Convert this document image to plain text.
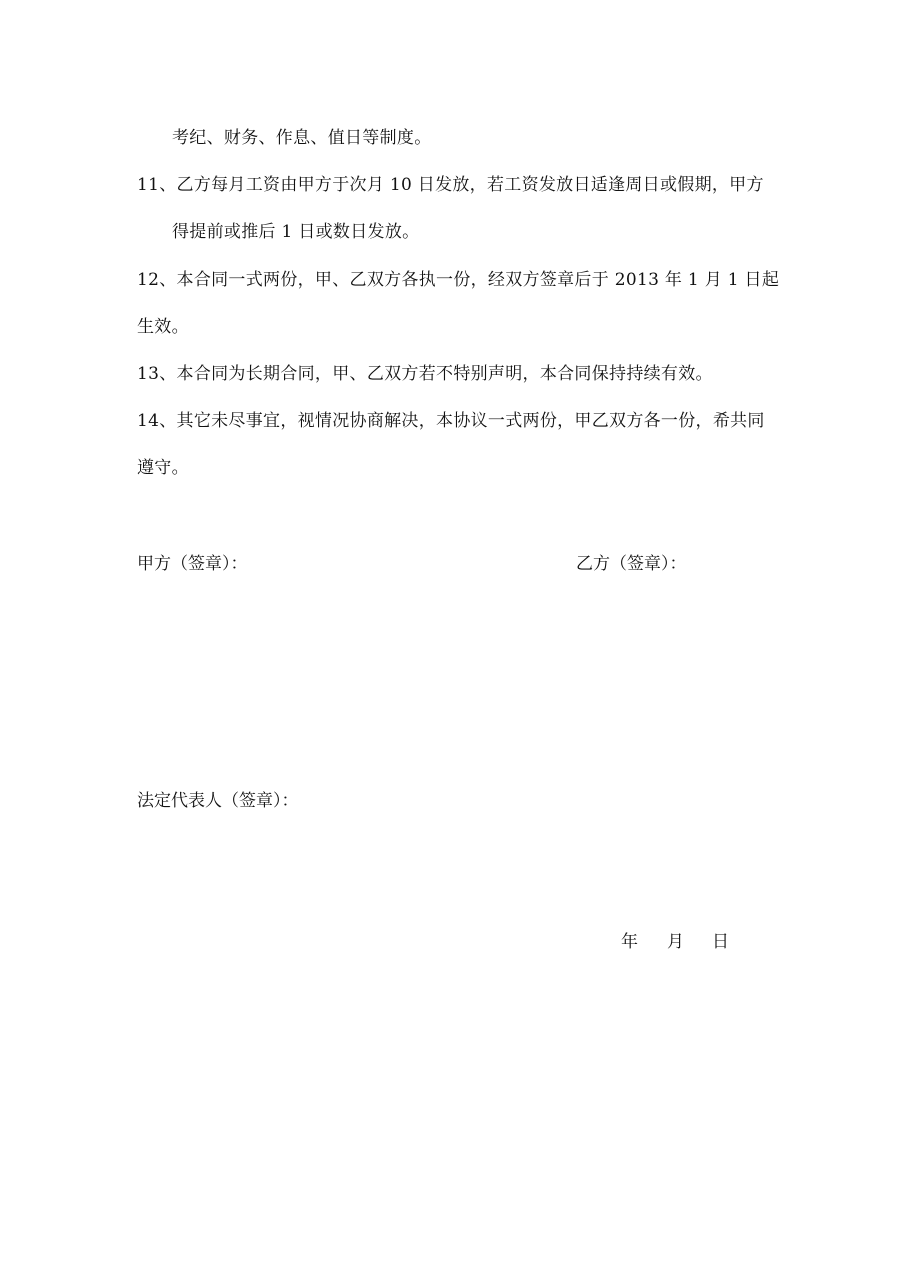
考纪、财务、作息、值日等制度。
11、乙方每月工资由甲方于次月 10 日发放，若工资发放日适逢周日或假期，甲方
得提前或推后 1 日或数日发放。
12、本合同一式两份，甲、乙双方各执一份，经双方签章后于 2013 年 1 月 1 日起
生效。
13、本合同为长期合同，甲、乙双方若不特别声明，本合同保持持续有效。
14、其它未尽事宜，视情况协商解决，本协议一式两份，甲乙双方各一份，希共同
遵守。
甲方（签章）：	乙方（签章）：
法定代表人（签章）：
年 月 日
